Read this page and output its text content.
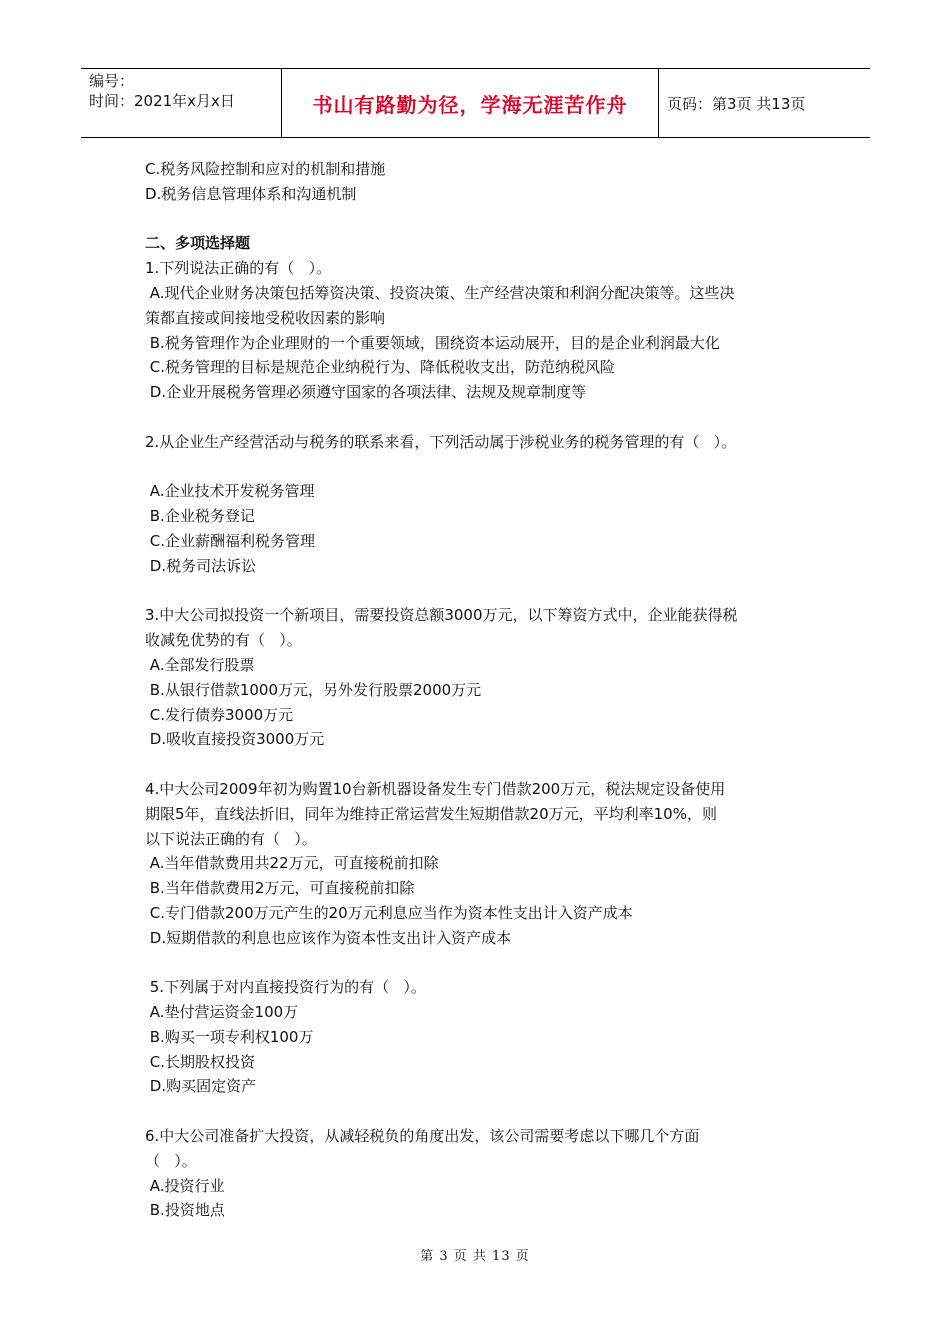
编号：
时间：2021年x月x日	书山有路勤为径，学海无涯苦作舟	页码：第3页 共13页
C.税务风险控制和应对的机制和措施
D.税务信息管理体系和沟通机制
二、多项选择题
1.下列说法正确的有（   ）。
A.现代企业财务决策包括筹资决策、投资决策、生产经营决策和利润分配决策等。这些决
策都直接或间接地受税收因素的影响
B.税务管理作为企业理财的一个重要领域，围绕资本运动展开，目的是企业利润最大化
C.税务管理的目标是规范企业纳税行为、降低税收支出，防范纳税风险
D.企业开展税务管理必须遵守国家的各项法律、法规及规章制度等
2.从企业生产经营活动与税务的联系来看，下列活动属于涉税业务的税务管理的有（   ）。
A.企业技术开发税务管理
B.企业税务登记
C.企业薪酬福利税务管理
D.税务司法诉讼
3.中大公司拟投资一个新项目，需要投资总额3000万元，以下筹资方式中，企业能获得税
收减免优势的有（   ）。
A.全部发行股票
B.从银行借款1000万元，另外发行股票2000万元
C.发行债券3000万元
D.吸收直接投资3000万元
4.中大公司2009年初为购置10台新机器设备发生专门借款200万元，税法规定设备使用
期限5年，直线法折旧，同年为维持正常运营发生短期借款20万元，平均利率10%，则
以下说法正确的有（   ）。
A.当年借款费用共22万元，可直接税前扣除
B.当年借款费用2万元，可直接税前扣除
C.专门借款200万元产生的20万元利息应当作为资本性支出计入资产成本
D.短期借款的利息也应该作为资本性支出计入资产成本
5.下列属于对内直接投资行为的有（   ）。
A.垫付营运资金100万
B.购买一项专利权100万
C.长期股权投资
D.购买固定资产
6.中大公司准备扩大投资，从减轻税负的角度出发，该公司需要考虑以下哪几个方面
（   ）。
A.投资行业
B.投资地点
第 3 页 共 13 页
